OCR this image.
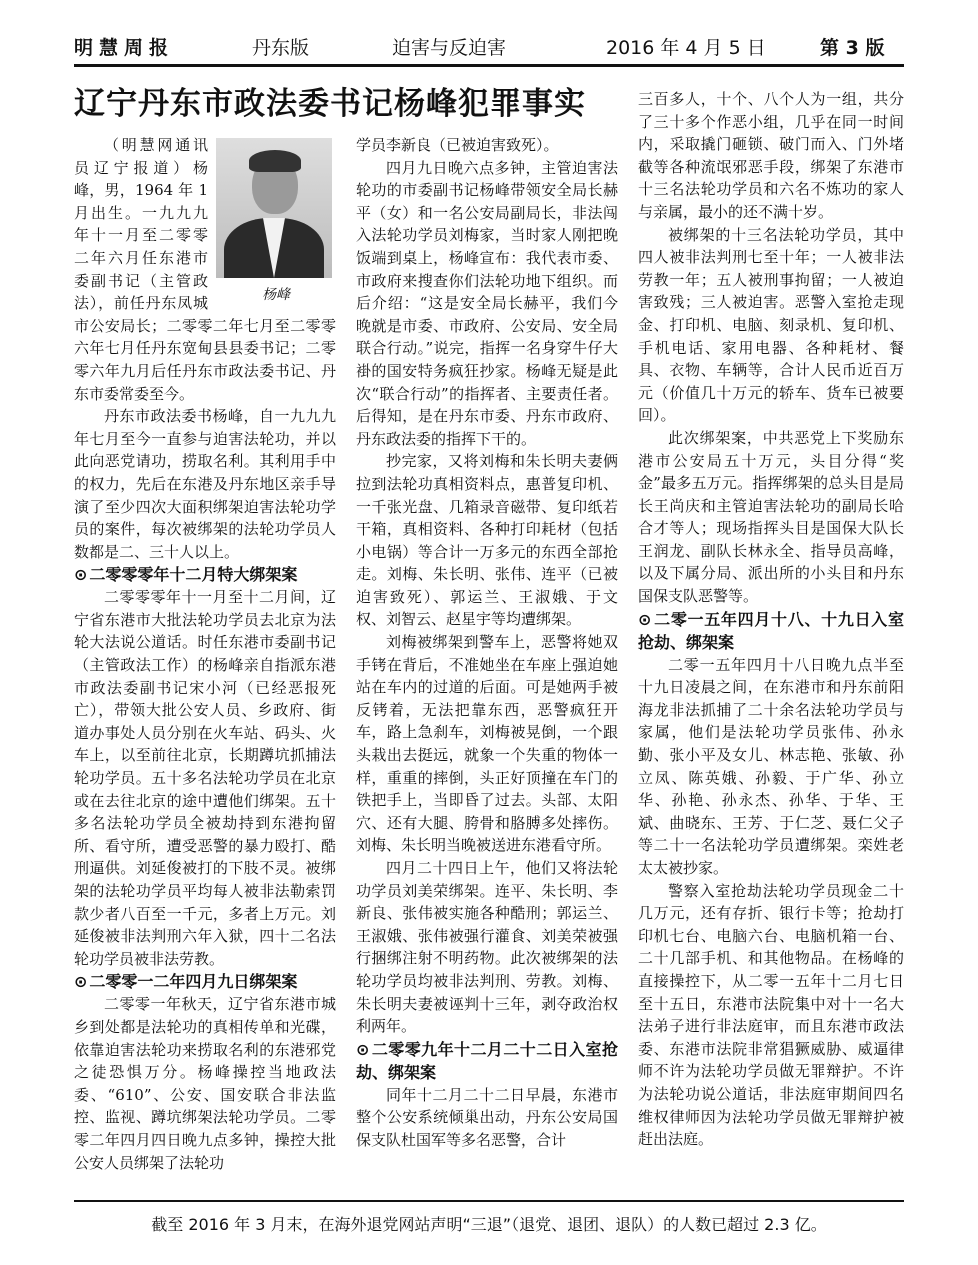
明慧周报	丹东版	迫害与反迫害	2016 年 4 月 5 日	第 3 版
辽宁丹东市政法委书记杨峰犯罪事实
杨峰

（明慧网通讯员辽宁报道）杨峰，男，1964 年 1 月出生。一九九九年十一月至二零零二年六月任东港市委副书记（主管政法），前任丹东凤城市公安局长；二零零二年七月至二零零六年七月任丹东宽甸县县委书记；二零零六年九月后任丹东市政法委书记、丹东市委常委至今。

丹东市政法委书杨峰，自一九九九年七月至今一直参与迫害法轮功，并以此向恶党请功，捞取名利。其利用手中的权力，先后在东港及丹东地区亲手导演了至少四次大面积绑架迫害法轮功学员的案件，每次被绑架的法轮功学员人数都是二、三十人以上。

⊙ 二零零零年十二月特大绑架案

二零零零年十一月至十二月间，辽宁省东港市大批法轮功学员去北京为法轮大法说公道话。时任东港市委副书记（主管政法工作）的杨峰亲自指派东港市政法委副书记宋小河（已经恶报死亡），带领大批公安人员、乡政府、街道办事处人员分别在火车站、码头、火车上，以至前往北京，长期蹲坑抓捕法轮功学员。五十多名法轮功学员在北京或在去往北京的途中遭他们绑架。五十多名法轮功学员全被劫持到东港拘留所、看守所，遭受恶警的暴力殴打、酷刑逼供。刘延俊被打的下肢不灵。被绑架的法轮功学员平均每人被非法勒索罚款少者八百至一千元，多者上万元。刘延俊被非法判刑六年入狱，四十二名法轮功学员被非法劳教。

⊙ 二零零一二年四月九日绑架案

二零零一年秋天，辽宁省东港市城乡到处都是法轮功的真相传单和光碟，依靠迫害法轮功来捞取名利的东港邪党之徒恐惧万分。杨峰操控当地政法委、“610”、公安、国安联合非法监控、监视、蹲坑绑架法轮功学员。二零零二年四月四日晚九点多钟，操控大批公安人员绑架了法轮功

学员李新良（已被迫害致死）。

四月九日晚六点多钟，主管迫害法轮功的市委副书记杨峰带领安全局长赫平（女）和一名公安局副局长，非法闯入法轮功学员刘梅家，当时家人刚把晚饭端到桌上，杨峰宣布：我代表市委、市政府来搜查你们法轮功地下组织。而后介绍：“这是安全局长赫平，我们今晚就是市委、市政府、公安局、安全局联合行动。”说完，指挥一名身穿牛仔大褂的国安特务疯狂抄家。杨峰无疑是此次“联合行动”的指挥者、主要责任者。后得知，是在丹东市委、丹东市政府、丹东政法委的指挥下干的。

抄完家，又将刘梅和朱长明夫妻俩拉到法轮功真相资料点，惠普复印机、一千张光盘、几箱录音磁带、复印纸若干箱，真相资料、各种打印耗材（包括小电锅）等合计一万多元的东西全部抢走。刘梅、朱长明、张伟、连平（已被迫害致死）、郭运兰、王淑娥、于文权、刘智云、赵星宇等均遭绑架。

刘梅被绑架到警车上，恶警将她双手铐在背后，不准她坐在车座上强迫她站在车内的过道的后面。可是她两手被反铐着，无法把靠东西，恶警疯狂开车，路上急刹车，刘梅被晃倒，一个跟头栽出去挺远，就象一个失重的物体一样，重重的摔倒，头正好顶撞在车门的铁把手上，当即昏了过去。头部、太阳穴、还有大腿、胯骨和胳膊多处摔伤。刘梅、朱长明当晚被送进东港看守所。

四月二十四日上午，他们又将法轮功学员刘美荣绑架。连平、朱长明、李新良、张伟被实施各种酷刑；郭运兰、王淑娥、张伟被强行灌食、刘美荣被强行捆绑注射不明药物。此次被绑架的法轮功学员均被非法判刑、劳教。刘梅、朱长明夫妻被诬判十三年，剥夺政治权利两年。

⊙ 二零零九年十二月二十二日入室抢劫、绑架案

同年十二月二十二日早晨，东港市整个公安系统倾巢出动，丹东公安局国保支队杜国军等多名恶警，合计

三百多人，十个、八个人为一组，共分了三十多个作恶小组，几乎在同一时间内，采取撬门砸锁、破门而入、门外堵截等各种流氓邪恶手段，绑架了东港市十三名法轮功学员和六名不炼功的家人与亲属，最小的还不满十岁。

被绑架的十三名法轮功学员，其中四人被非法判刑七至十年；一人被非法劳教一年；五人被刑事拘留；一人被迫害致残；三人被迫害。恶警入室抢走现金、打印机、电脑、刻录机、复印机、手机电话、家用电器、各种耗材、餐具、衣物、车辆等，合计人民币近百万元（价值几十万元的轿车、货车已被要回）。

此次绑架案，中共恶党上下奖励东港市公安局五十万元，头目分得“奖金”最多五万元。指挥绑架的总头目是局长王尚庆和主管迫害法轮功的副局长哈合才等人；现场指挥头目是国保大队长王润龙、副队长林永全、指导员高峰，以及下属分局、派出所的小头目和丹东国保支队恶警等。

⊙ 二零一五年四月十八、十九日入室抢劫、绑架案

二零一五年四月十八日晚九点半至十九日凌晨之间，在东港市和丹东前阳海龙非法抓捕了二十余名法轮功学员与家属，他们是法轮功学员张伟、孙永勤、张小平及女儿、林志艳、张敏、孙立凤、陈英娥、孙毅、于广华、孙立华、孙艳、孙永杰、孙华、于华、王斌、曲晓东、王芳、于仁芝、聂仁父子等二十一名法轮功学员遭绑架。栾姓老太太被抄家。

警察入室抢劫法轮功学员现金二十几万元，还有存折、银行卡等；抢劫打印机七台、电脑六台、电脑机箱一台、二十几部手机、和其他物品。在杨峰的直接操控下，从二零一五年十二月七日至十五日，东港市法院集中对十一名大法弟子进行非法庭审，而且东港市政法委、东港市法院非常猖獗威胁、威逼律师不许为法轮功学员做无罪辩护。不许为法轮功说公道话，非法庭审期间四名维权律师因为法轮功学员做无罪辩护被赶出法庭。

截至 2016 年 3 月末，在海外退党网站声明“三退”（退党、退团、退队）的人数已超过 2.3 亿。
